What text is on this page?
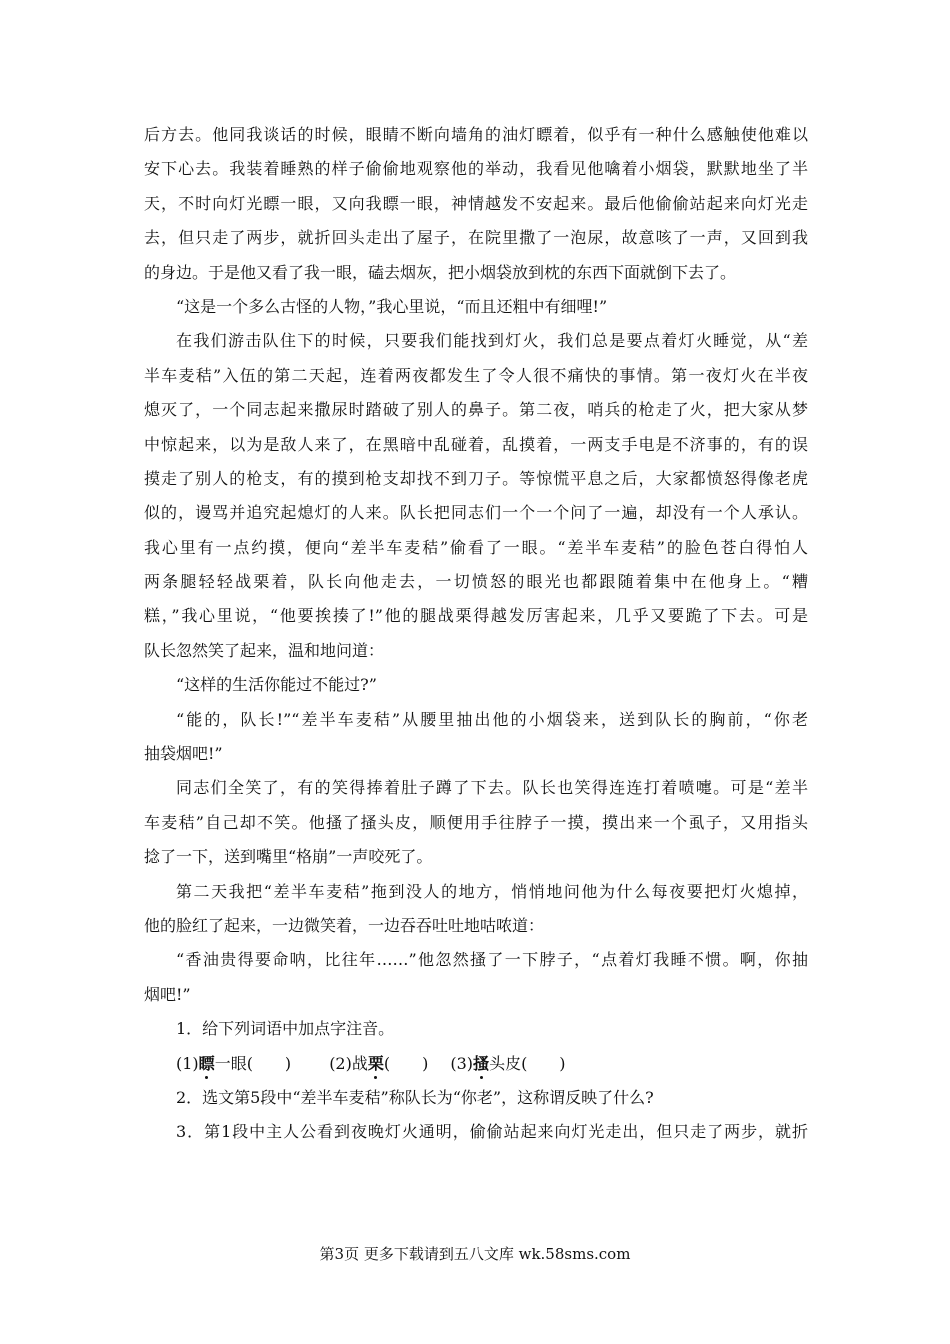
后方去。他同我谈话的时候，眼睛不断向墙角的油灯瞟着，似乎有一种什么感触使他难以
安下心去。我装着睡熟的样子偷偷地观察他的举动，我看见他噙着小烟袋，默默地坐了半
天，不时向灯光瞟一眼，又向我瞟一眼，神情越发不安起来。最后他偷偷站起来向灯光走
去，但只走了两步，就折回头走出了屋子，在院里撒了一泡尿，故意咳了一声，又回到我
的身边。于是他又看了我一眼，磕去烟灰，把小烟袋放到枕的东西下面就倒下去了。
“这是一个多么古怪的人物，”我心里说，“而且还粗中有细哩!”
在我们游击队住下的时候，只要我们能找到灯火，我们总是要点着灯火睡觉，从“差
半车麦秸”入伍的第二天起，连着两夜都发生了令人很不痛快的事情。第一夜灯火在半夜
熄灭了，一个同志起来撒尿时踏破了别人的鼻子。第二夜，哨兵的枪走了火，把大家从梦
中惊起来，以为是敌人来了，在黑暗中乱碰着，乱摸着，一两支手电是不济事的，有的误
摸走了别人的枪支，有的摸到枪支却找不到刀子。等惊慌平息之后，大家都愤怒得像老虎
似的，谩骂并追究起熄灯的人来。队长把同志们一个一个问了一遍，却没有一个人承认。
我心里有一点约摸，便向“差半车麦秸”偷看了一眼。“差半车麦秸”的脸色苍白得怕人
两条腿轻轻战栗着，队长向他走去，一切愤怒的眼光也都跟随着集中在他身上。“糟
糕，”我心里说，“他要挨揍了!”他的腿战栗得越发厉害起来，几乎又要跪了下去。可是
队长忽然笑了起来，温和地问道：
“这样的生活你能过不能过?”
“能的，队长!”“差半车麦秸”从腰里抽出他的小烟袋来，送到队长的胸前，“你老
抽袋烟吧!”
同志们全笑了，有的笑得捧着肚子蹲了下去。队长也笑得连连打着喷嚏。可是“差半
车麦秸”自己却不笑。他搔了搔头皮，顺便用手往脖子一摸，摸出来一个虱子，又用指头
捻了一下，送到嘴里“格崩”一声咬死了。
第二天我把“差半车麦秸”拖到没人的地方，悄悄地问他为什么每夜要把灯火熄掉，
他的脸红了起来，一边微笑着，一边吞吞吐吐地咕哝道：
“香油贵得要命呐，比往年……”他忽然搔了一下脖子，“点着灯我睡不惯。啊，你抽
烟吧!”
1．给下列词语中加点字注音。
(1)瞟一眼(　　) (2)战栗(　　) (3)搔头皮(　　)
2．选文第5段中“差半车麦秸”称队长为“你老”，这称谓反映了什么?
3．第1段中主人公看到夜晚灯火通明，偷偷站起来向灯光走出，但只走了两步，就折
第3页 更多下载请到五八文库 wk.58sms.com
